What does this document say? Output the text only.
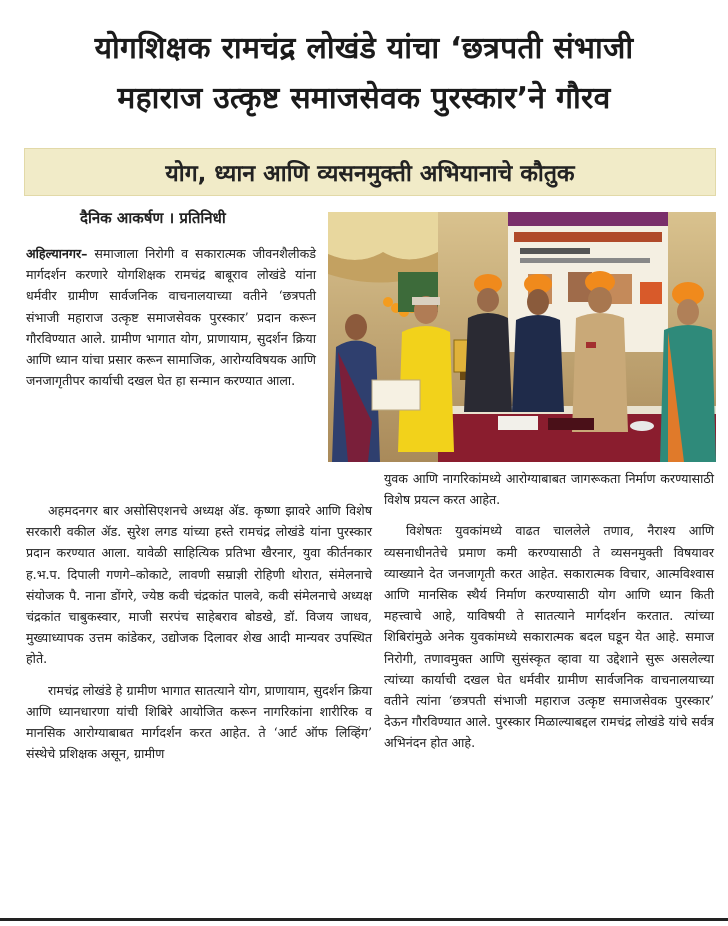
योगशिक्षक रामचंद्र लोखंडे यांचा ‘छत्रपती संभाजी
महाराज उत्कृष्ट समाजसेवक पुरस्कार’ने गौरव
योग, ध्यान आणि व्यसनमुक्ती अभियानाचे कौतुक
दैनिक आकर्षण । प्रतिनिधी

अहिल्यानगर– समाजाला निरोगी व सकारात्मक जीवनशैलीकडे मार्गदर्शन करणारे योगशिक्षक रामचंद्र बाबूराव लोखंडे यांना धर्मवीर ग्रामीण सार्वजनिक वाचनालयाच्या वतीने ‘छत्रपती संभाजी महाराज उत्कृष्ट समाजसेवक पुरस्कार’ प्रदान करून गौरविण्यात आले. ग्रामीण भागात योग, प्राणायाम, सुदर्शन क्रिया आणि ध्यान यांचा प्रसार करून सामाजिक, आरोग्यविषयक आणि जनजागृतीपर कार्याची दखल घेत हा सन्मान करण्यात आला.

अहमदनगर बार असोसिएशनचे अध्यक्ष ॲड. कृष्णा झावरे आणि विशेष सरकारी वकील ॲड. सुरेश लगड यांच्या हस्ते रामचंद्र लोखंडे यांना पुरस्कार प्रदान करण्यात आला. यावेळी साहित्यिक प्रतिभा खैरनार, युवा कीर्तनकार ह.भ.प. दिपाली गणगे–कोकाटे, लावणी सम्राज्ञी रोहिणी थोरात, संमेलनाचे संयोजक पै. नाना डोंगरे, ज्येष्ठ कवी चंद्रकांत पालवे, कवी संमेलनाचे अध्यक्ष चंद्रकांत चाबुकस्वार, माजी सरपंच साहेबराव बोडखे, डॉ. विजय जाधव, मुख्याध्यापक उत्तम कांडेकर, उद्योजक दिलावर शेख आदी मान्यवर उपस्थित होते.

रामचंद्र लोखंडे हे ग्रामीण भागात सातत्याने योग, प्राणायाम, सुदर्शन क्रिया आणि ध्यानधारणा यांची शिबिरे आयोजित करून नागरिकांना शारीरिक व मानसिक आरोग्याबाबत मार्गदर्शन करत आहेत. ते ‘आर्ट ऑफ लिव्हिंग’ संस्थेचे प्रशिक्षक असून, ग्रामीण

युवक आणि नागरिकांमध्ये आरोग्याबाबत जागरूकता निर्माण करण्यासाठी विशेष प्रयत्न करत आहेत.

विशेषतः युवकांमध्ये वाढत चाललेले तणाव, नैराश्य आणि व्यसनाधीनतेचे प्रमाण कमी करण्यासाठी ते व्यसनमुक्ती विषयावर व्याख्याने देत जनजागृती करत आहेत. सकारात्मक विचार, आत्मविश्वास आणि मानसिक स्थैर्य निर्माण करण्यासाठी योग आणि ध्यान किती महत्त्वाचे आहे, याविषयी ते सातत्याने मार्गदर्शन करतात. त्यांच्या शिबिरांमुळे अनेक युवकांमध्ये सकारात्मक बदल घडून येत आहे. समाज निरोगी, तणावमुक्त आणि सुसंस्कृत व्हावा या उद्देशाने सुरू असलेल्या त्यांच्या कार्याची दखल घेत धर्मवीर ग्रामीण सार्वजनिक वाचनालयाच्या वतीने त्यांना ‘छत्रपती संभाजी महाराज उत्कृष्ट समाजसेवक पुरस्कार’ देऊन गौरविण्यात आले. पुरस्कार मिळाल्याबद्दल रामचंद्र लोखंडे यांचे सर्वत्र अभिनंदन होत आहे.
